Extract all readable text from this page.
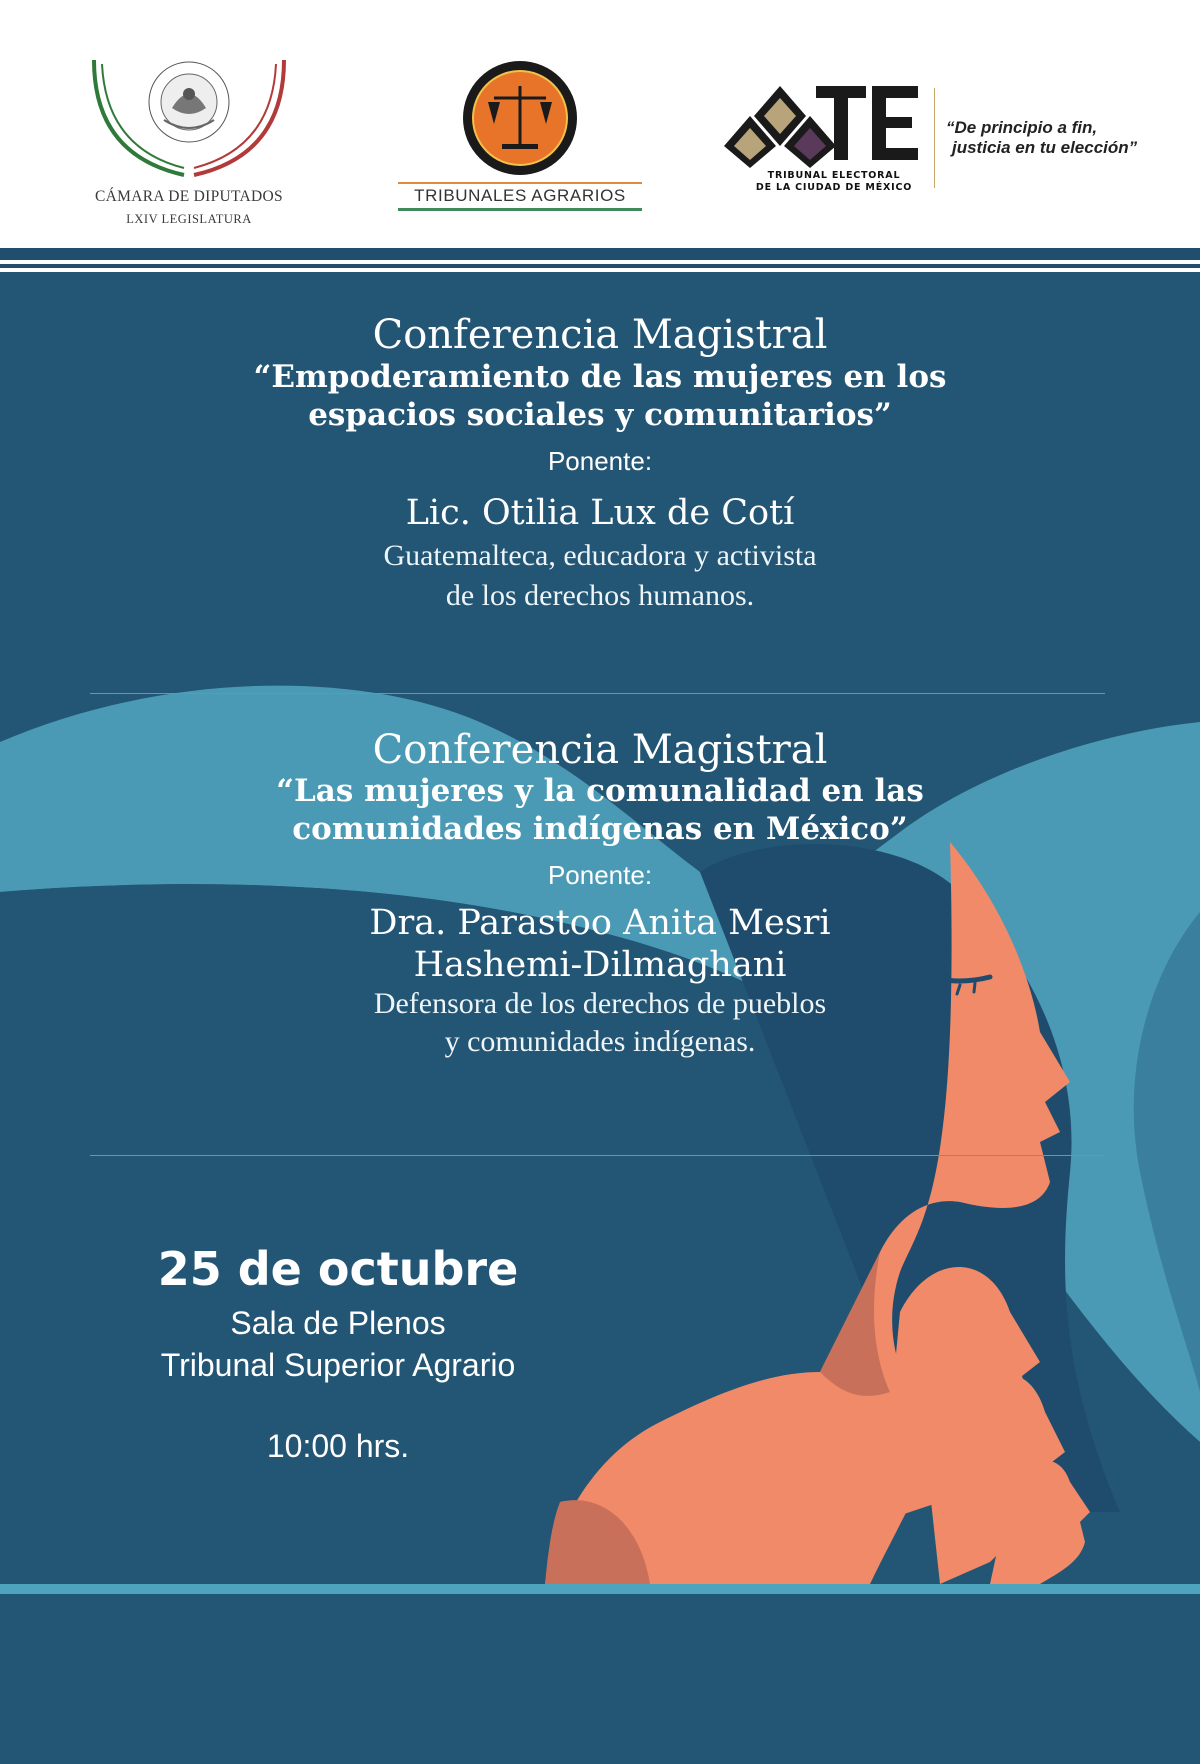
CÁMARA DE DIPUTADOS
LXIV LEGISLATURA
TRIBUNALES AGRARIOS
TRIBUNAL ELECTORAL
DE LA CIUDAD DE MÉXICO
“De principio a fin,
justicia en tu elección”
Conferencia Magistral
“Empoderamiento de las mujeres en los
espacios sociales y comunitarios”
Ponente:
Lic. Otilia Lux de Cotí
Guatemalteca, educadora y activista
de los derechos humanos.
Conferencia Magistral
“Las mujeres y la comunalidad en las
comunidades indígenas en México”
Ponente:
Dra. Parastoo Anita Mesri
Hashemi-Dilmaghani
Defensora de los derechos de pueblos
y comunidades indígenas.
25 de octubre
Sala de Plenos
Tribunal Superior Agrario
10:00 hrs.
